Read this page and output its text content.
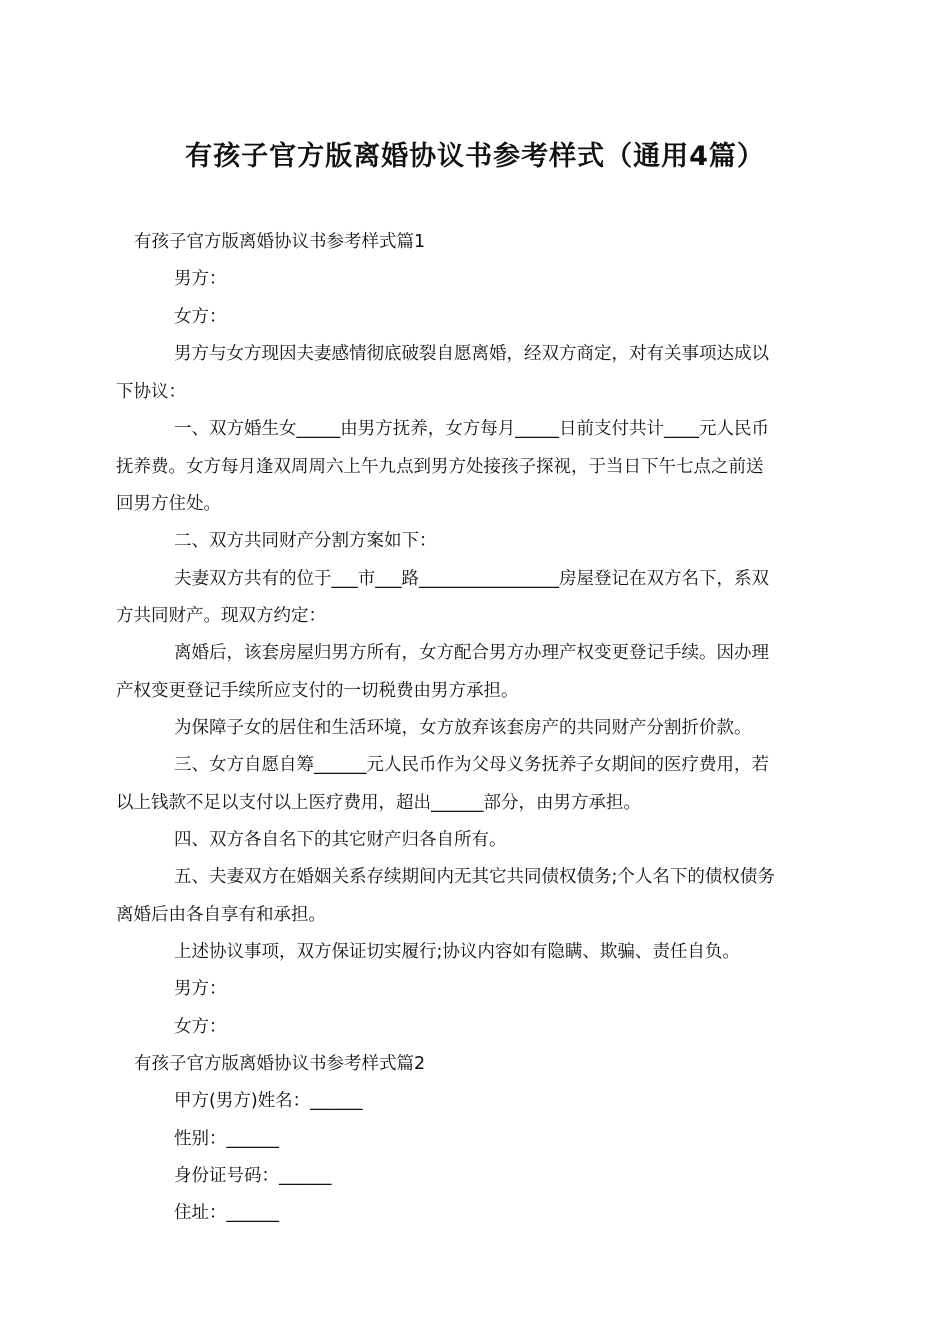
有孩子官方版离婚协议书参考样式（通用4篇）
有孩子官方版离婚协议书参考样式篇1
男方：
女方：
男方与女方现因夫妻感情彻底破裂自愿离婚，经双方商定，对有关事项达成以
下协议：
一、双方婚生女_____由男方抚养，女方每月_____日前支付共计____元人民币
抚养费。女方每月逢双周周六上午九点到男方处接孩子探视，于当日下午七点之前送
回男方住处。
二、双方共同财产分割方案如下：
夫妻双方共有的位于___市___路________________房屋登记在双方名下，系双
方共同财产。现双方约定：
离婚后，该套房屋归男方所有，女方配合男方办理产权变更登记手续。因办理
产权变更登记手续所应支付的一切税费由男方承担。
为保障子女的居住和生活环境，女方放弃该套房产的共同财产分割折价款。
三、女方自愿自筹______元人民币作为父母义务抚养子女期间的医疗费用，若
以上钱款不足以支付以上医疗费用，超出______部分，由男方承担。
四、双方各自名下的其它财产归各自所有。
五、夫妻双方在婚姻关系存续期间内无其它共同债权债务;个人名下的债权债务
离婚后由各自享有和承担。
上述协议事项，双方保证切实履行;协议内容如有隐瞒、欺骗、责任自负。
男方：
女方：
有孩子官方版离婚协议书参考样式篇2
甲方(男方)姓名：______
性别：______
身份证号码：______
住址：______
